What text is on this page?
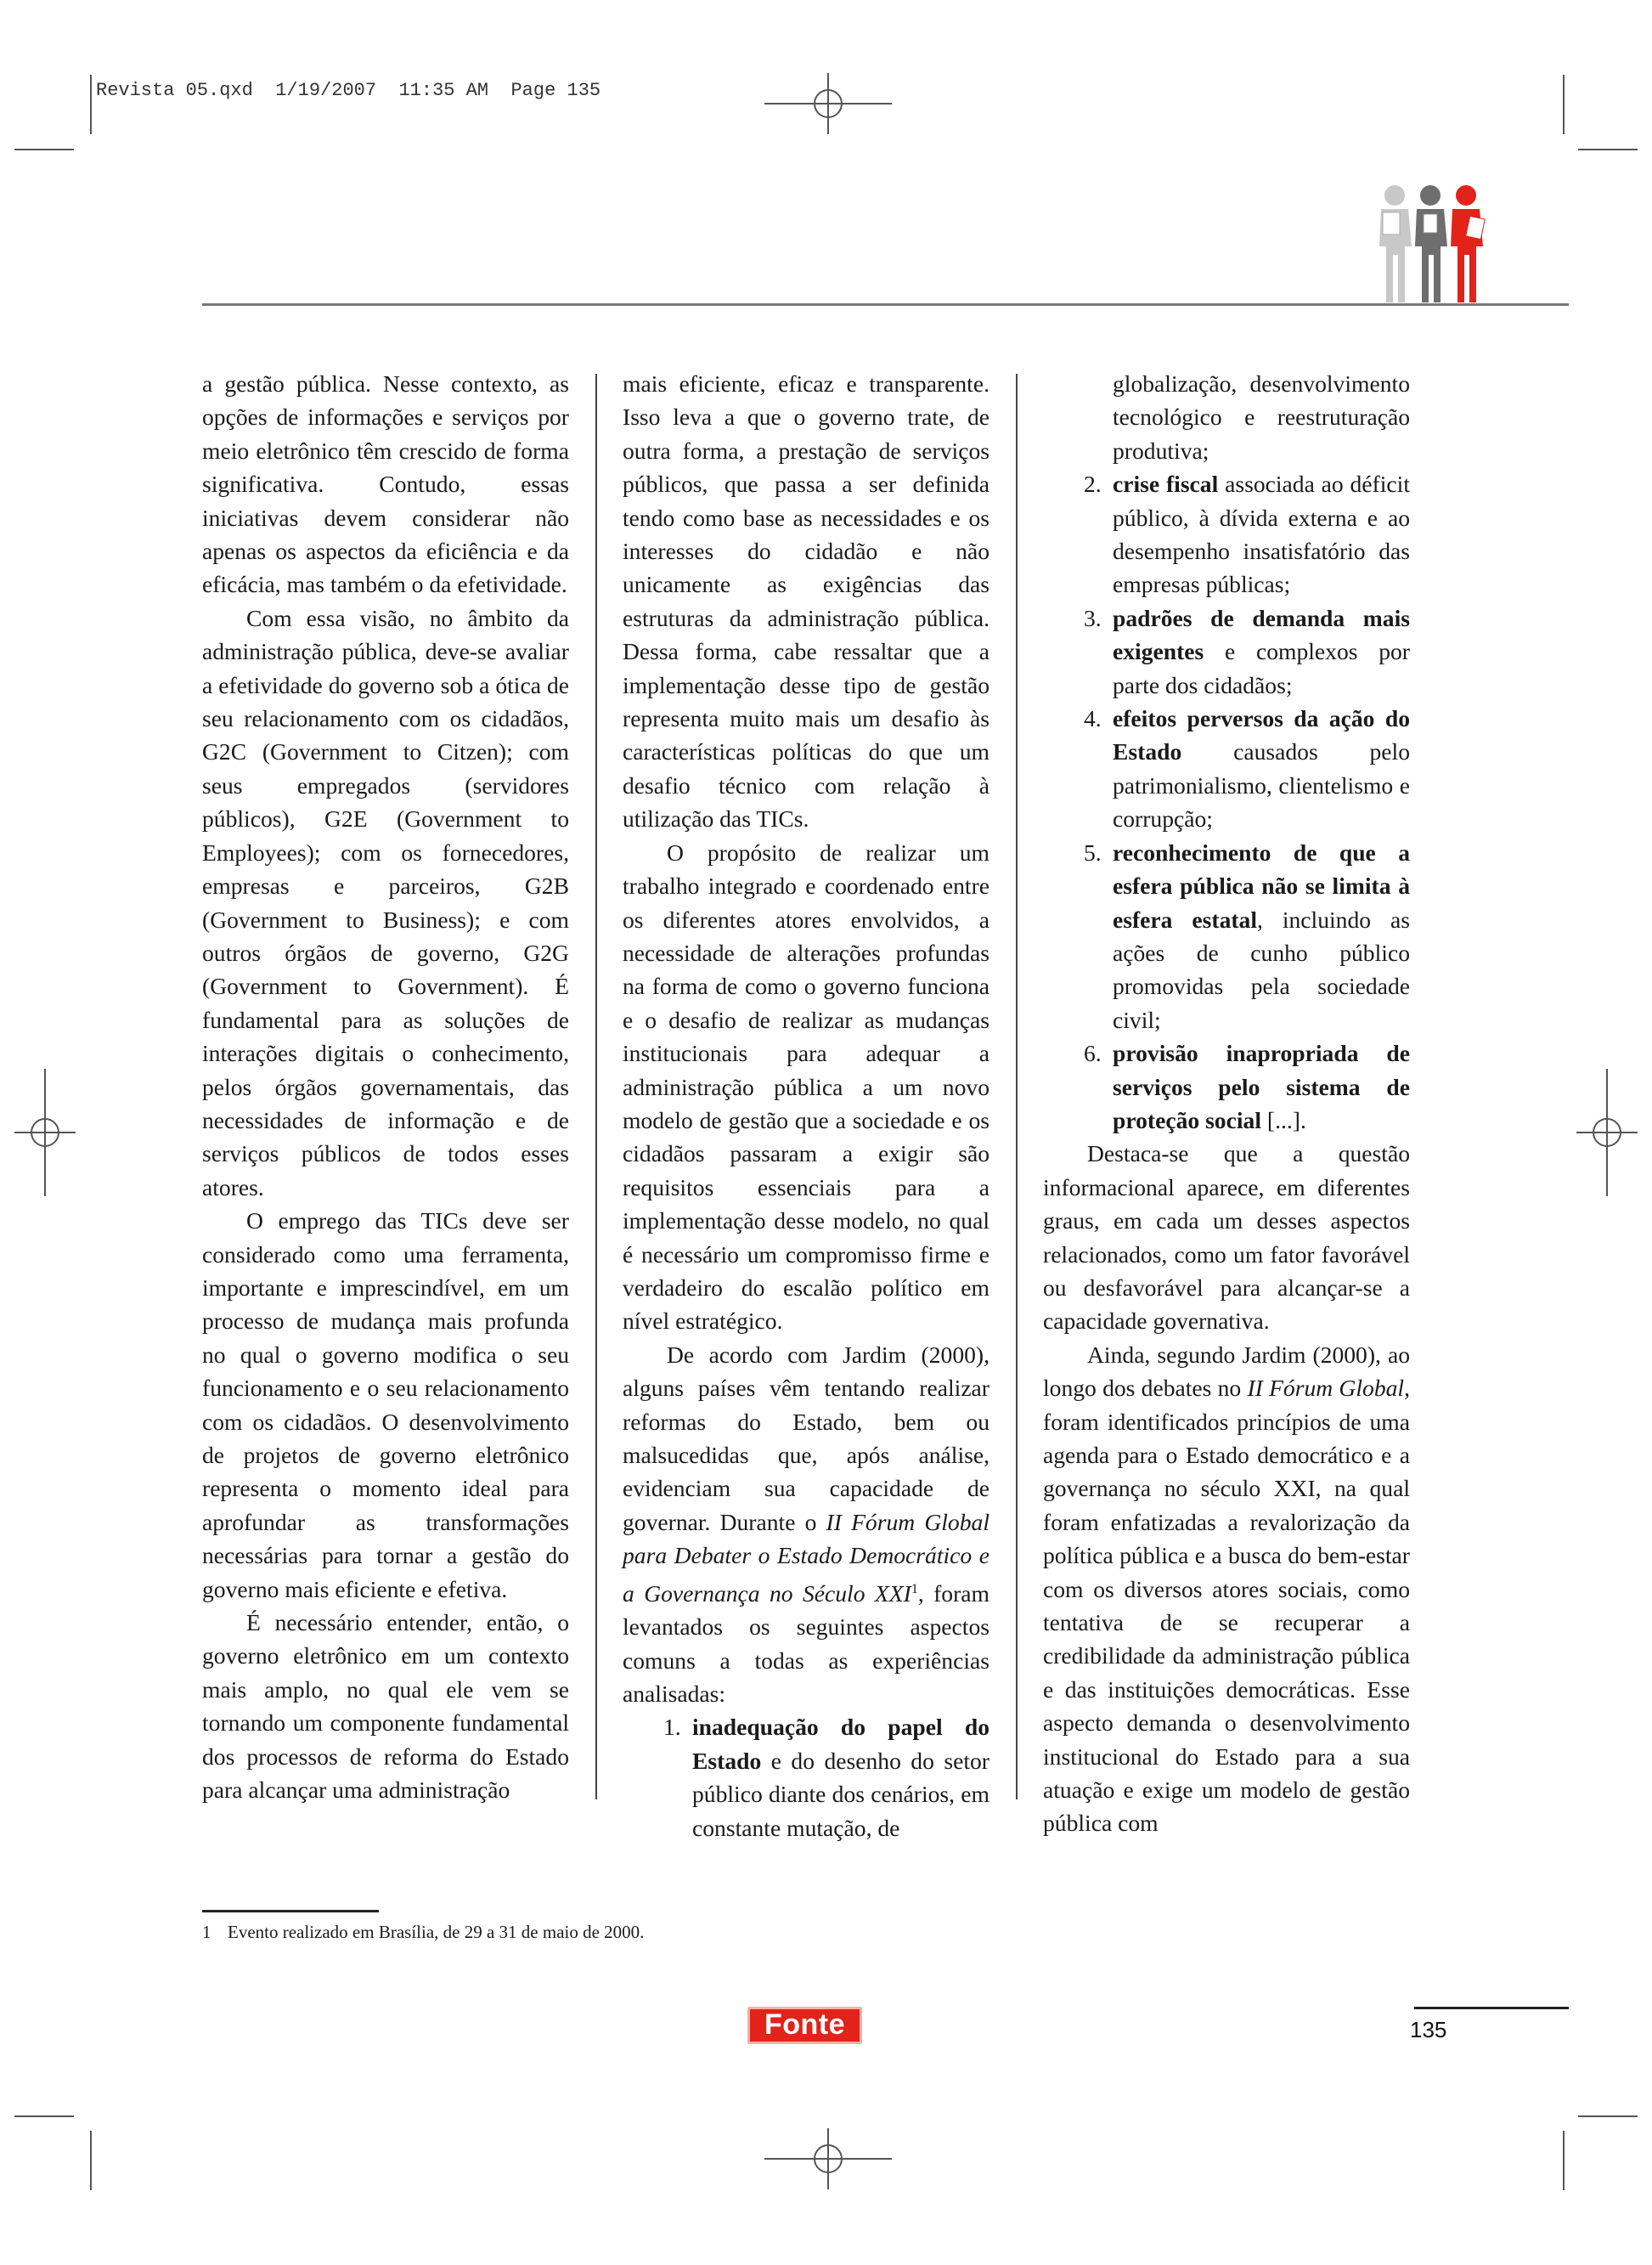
Revista 05.qxd  1/19/2007  11:35 AM  Page 135

a gestão pública. Nesse contexto, as opções de informações e serviços por meio eletrônico têm crescido de forma significativa. Contudo, essas iniciativas devem considerar não apenas os aspectos da eficiência e da eficácia, mas também o da efetividade.

Com essa visão, no âmbito da administração pública, deve-se avaliar a efetividade do governo sob a ótica de seu relacionamento com os cidadãos, G2C (Government to Citzen); com seus empregados (servidores públicos), G2E (Government to Employees); com os fornecedores, empresas e parceiros, G2B (Government to Business); e com outros órgãos de governo, G2G (Government to Government). É fundamental para as soluções de interações digitais o conhecimento, pelos órgãos governamentais, das necessidades de informação e de serviços públicos de todos esses atores.

O emprego das TICs deve ser considerado como uma ferramenta, importante e imprescindível, em um processo de mudança mais profunda no qual o governo modifica o seu funcionamento e o seu relacionamento com os cidadãos. O desenvolvimento de projetos de governo eletrônico representa o momento ideal para aprofundar as transformações necessárias para tornar a gestão do governo mais eficiente e efetiva.

É necessário entender, então, o governo eletrônico em um contexto mais amplo, no qual ele vem se tornando um componente fundamental dos processos de reforma do Estado para alcançar uma administração

mais eficiente, eficaz e transparente. Isso leva a que o governo trate, de outra forma, a prestação de serviços públicos, que passa a ser definida tendo como base as necessidades e os interesses do cidadão e não unicamente as exigências das estruturas da administração pública. Dessa forma, cabe ressaltar que a implementação desse tipo de gestão representa muito mais um desafio às características políticas do que um desafio técnico com relação à utilização das TICs.

O propósito de realizar um trabalho integrado e coordenado entre os diferentes atores envolvidos, a necessidade de alterações profundas na forma de como o governo funciona e o desafio de realizar as mudanças institucionais para adequar a administração pública a um novo modelo de gestão que a sociedade e os cidadãos passaram a exigir são requisitos essenciais para a implementação desse modelo, no qual é necessário um compromisso firme e verdadeiro do escalão político em nível estratégico.

De acordo com Jardim (2000), alguns países vêm tentando realizar reformas do Estado, bem ou malsucedidas que, após análise, evidenciam sua capacidade de governar. Durante o II Fórum Global para Debater o Estado Democrático e a Governança no Século XXI$^1$, foram levantados os seguintes aspectos comuns a todas as experiências analisadas:

1. inadequação do papel do Estado e do desenho do setor público diante dos cenários, em constante mutação, de

globalização, desenvolvimento tecnológico e reestruturação produtiva;

2. crise fiscal associada ao déficit público, à dívida externa e ao desempenho insatisfatório das empresas públicas;
3. padrões de demanda mais exigentes e complexos por parte dos cidadãos;
4. efeitos perversos da ação do Estado causados pelo patrimonialismo, clientelismo e corrupção;
5. reconhecimento de que a esfera pública não se limita à esfera estatal, incluindo as ações de cunho público promovidas pela sociedade civil;
6. provisão inapropriada de serviços pelo sistema de proteção social [...].

Destaca-se que a questão informacional aparece, em diferentes graus, em cada um desses aspectos relacionados, como um fator favorável ou desfavorável para alcançar-se a capacidade governativa.

Ainda, segundo Jardim (2000), ao longo dos debates no II Fórum Global, foram identificados princípios de uma agenda para o Estado democrático e a governança no século XXI, na qual foram enfatizadas a revalorização da política pública e a busca do bem-estar com os diversos atores sociais, como tentativa de se recuperar a credibilidade da administração pública e das instituições democráticas. Esse aspecto demanda o desenvolvimento institucional do Estado para a sua atuação e exige um modelo de gestão pública com

1 Evento realizado em Brasília, de 29 a 31 de maio de 2000.
Fonte	135
